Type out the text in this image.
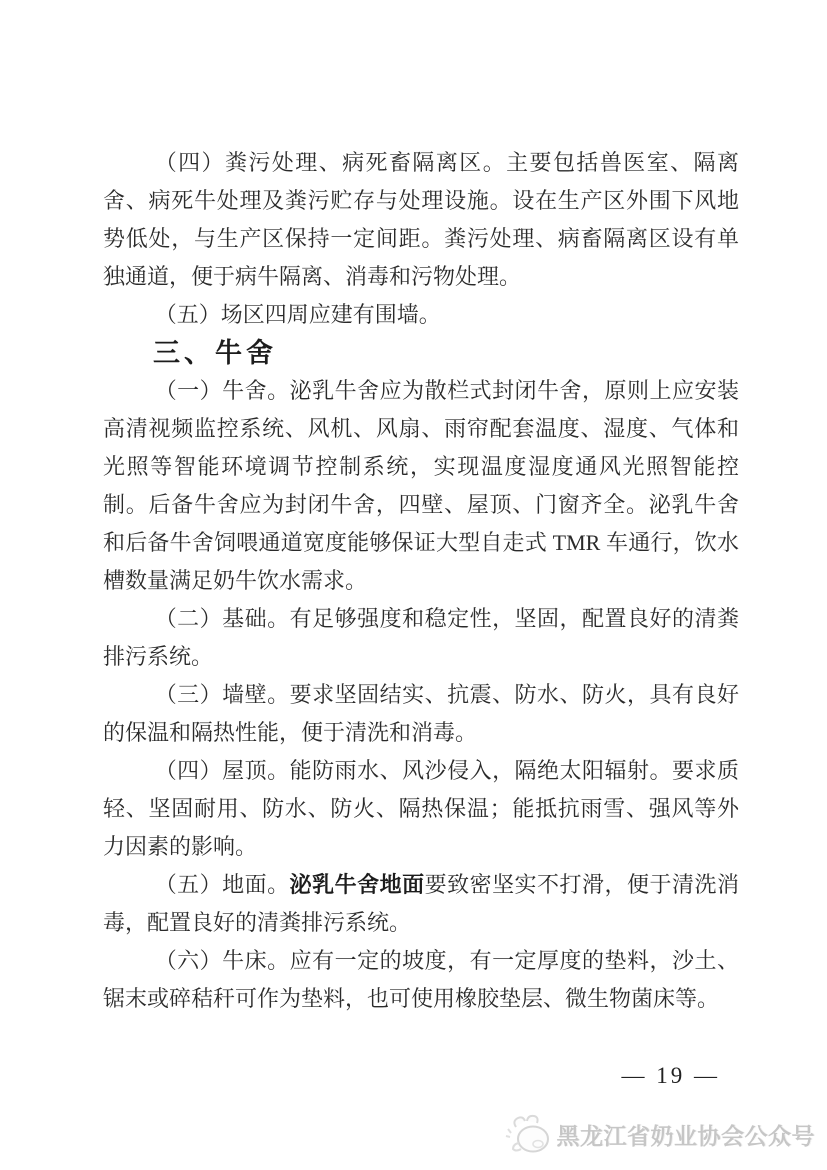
（四）粪污处理、病死畜隔离区。主要包括兽医室、隔离舍、病死牛处理及粪污贮存与处理设施。设在生产区外围下风地势低处，与生产区保持一定间距。粪污处理、病畜隔离区设有单独通道，便于病牛隔离、消毒和污物处理。

（五）场区四周应建有围墙。

三、牛舍

（一）牛舍。泌乳牛舍应为散栏式封闭牛舍，原则上应安装高清视频监控系统、风机、风扇、雨帘配套温度、湿度、气体和光照等智能环境调节控制系统，实现温度湿度通风光照智能控制。后备牛舍应为封闭牛舍，四壁、屋顶、门窗齐全。泌乳牛舍和后备牛舍饲喂通道宽度能够保证大型自走式 TMR 车通行，饮水槽数量满足奶牛饮水需求。

（二）基础。有足够强度和稳定性，坚固，配置良好的清粪排污系统。

（三）墙壁。要求坚固结实、抗震、防水、防火，具有良好的保温和隔热性能，便于清洗和消毒。

（四）屋顶。能防雨水、风沙侵入，隔绝太阳辐射。要求质轻、坚固耐用、防水、防火、隔热保温；能抵抗雨雪、强风等外力因素的影响。

（五）地面。泌乳牛舍地面要致密坚实不打滑，便于清洗消毒，配置良好的清粪排污系统。

（六）牛床。应有一定的坡度，有一定厚度的垫料，沙土、锯末或碎秸秆可作为垫料，也可使用橡胶垫层、微生物菌床等。

— 19 —
黑龙江省奶业协会公众号
